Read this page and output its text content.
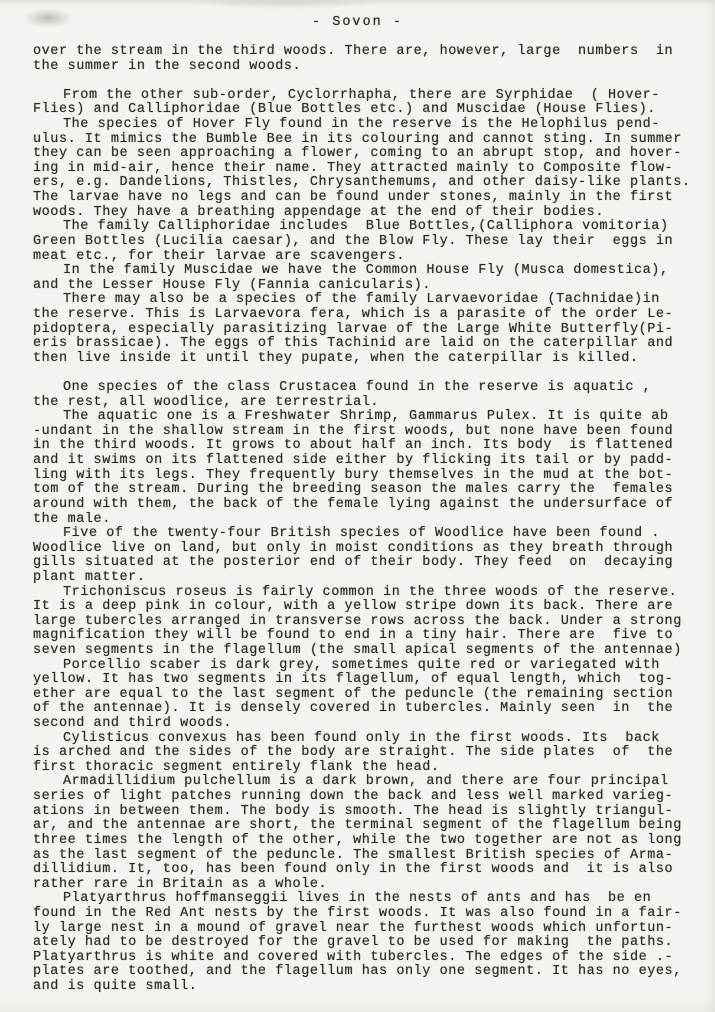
- Sovon -
over the stream in the third woods. There are, however, large  numbers  in
the summer in the second woods.
From the other sub-order, Cyclorrhapha, there are Syrphidae  ( Hover-
Flies) and Calliphoridae (Blue Bottles etc.) and Muscidae (House Flies).
The species of Hover Fly found in the reserve is the Helophilus pend-
ulus. It mimics the Bumble Bee in its colouring and cannot sting. In summer
they can be seen approaching a flower, coming to an abrupt stop, and hover-
ing in mid-air, hence their name. They attracted mainly to Composite flow-
ers, e.g. Dandelions, Thistles, Chrysanthemums, and other daisy-like plants.
The larvae have no legs and can be found under stones, mainly in the first
woods. They have a breathing appendage at the end of their bodies.
The family Calliphoridae includes  Blue Bottles,(Calliphora vomitoria)
Green Bottles (Lucilia caesar), and the Blow Fly. These lay their  eggs in
meat etc., for their larvae are scavengers.
In the family Muscidae we have the Common House Fly (Musca domestica),
and the Lesser House Fly (Fannia canicularis).
There may also be a species of the family Larvaevoridae (Tachnidae)in
the reserve. This is Larvaevora fera, which is a parasite of the order Le-
pidoptera, especially parasitizing larvae of the Large White Butterfly(Pi-
eris brassicae). The eggs of this Tachinid are laid on the caterpillar and
then live inside it until they pupate, when the caterpillar is killed.
One species of the class Crustacea found in the reserve is aquatic ,
the rest, all woodlice, are terrestrial.
The aquatic one is a Freshwater Shrimp, Gammarus Pulex. It is quite ab
-undant in the shallow stream in the first woods, but none have been found
in the third woods. It grows to about half an inch. Its body  is flattened
and it swims on its flattened side either by flicking its tail or by padd-
ling with its legs. They frequently bury themselves in the mud at the bot-
tom of the stream. During the breeding season the males carry the  females
around with them, the back of the female lying against the undersurface of
the male.
Five of the twenty-four British species of Woodlice have been found .
Woodlice live on land, but only in moist conditions as they breath through
gills situated at the posterior end of their body. They feed  on  decaying
plant matter.
Trichoniscus roseus is fairly common in the three woods of the reserve.
It is a deep pink in colour, with a yellow stripe down its back. There are
large tubercles arranged in transverse rows across the back. Under a strong
magnification they will be found to end in a tiny hair. There are  five to
seven segments in the flagellum (the small apical segments of the antennae)
Porcellio scaber is dark grey, sometimes quite red or variegated with
yellow. It has two segments in its flagellum, of equal length, which  tog-
ether are equal to the last segment of the peduncle (the remaining section
of the antennae). It is densely covered in tubercles. Mainly seen  in  the
second and third woods.
Cylisticus convexus has been found only in the first woods. Its  back
is arched and the sides of the body are straight. The side plates  of  the
first thoracic segment entirely flank the head.
Armadillidium pulchellum is a dark brown, and there are four principal
series of light patches running down the back and less well marked varieg-
ations in between them. The body is smooth. The head is slightly triangul-
ar, and the antennae are short, the terminal segment of the flagellum being
three times the length of the other, while the two together are not as long
as the last segment of the peduncle. The smallest British species of Arma-
dillidium. It, too, has been found only in the first woods and  it is also
rather rare in Britain as a whole.
Platyarthrus hoffmanseggii lives in the nests of ants and has  be en
found in the Red Ant nests by the first woods. It was also found in a fair-
ly large nest in a mound of gravel near the furthest woods which unfortun-
ately had to be destroyed for the gravel to be used for making  the paths.
Platyarthrus is white and covered with tubercles. The edges of the side .-
plates are toothed, and the flagellum has only one segment. It has no eyes,
and is quite small.
